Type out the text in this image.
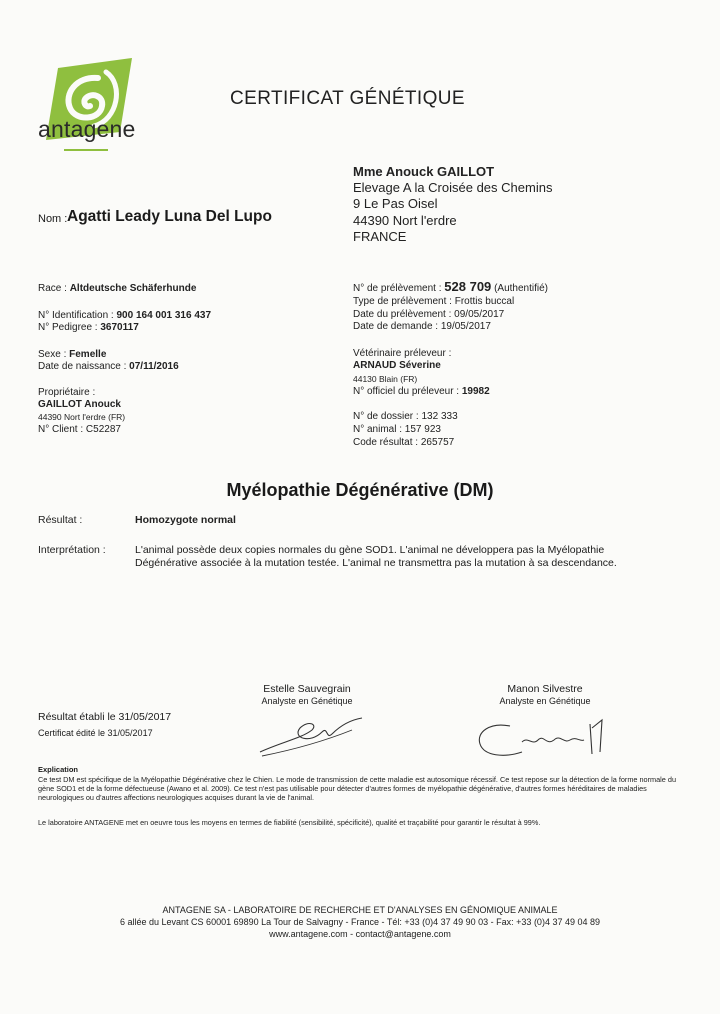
antagene
CERTIFICAT GÉNÉTIQUE
Mme Anouck GAILLOT
Elevage A la Croisée des Chemins
9 Le Pas Oisel
44390 Nort l'erdre
FRANCE
Nom : Agatti Leady Luna Del Lupo
Race : Altdeutsche Schäferhunde
N° Identification : 900 164 001 316 437
N° Pedigree : 3670117
Sexe : Femelle
Date de naissance : 07/11/2016
Propriétaire :
GAILLOT Anouck
44390 Nort l'erdre (FR)
N° Client : C52287
N° de prélèvement : 528 709 (Authentifié)
Type de prélèvement : Frottis buccal
Date du prélèvement : 09/05/2017
Date de demande : 19/05/2017
Vétérinaire préleveur :
ARNAUD Séverine
44130 Blain (FR)
N° officiel du préleveur : 19982
N° de dossier : 132 333
N° animal : 157 923
Code résultat : 265757
Myélopathie Dégénérative (DM)
Résultat :	Homozygote normal
Interprétation :	L'animal possède deux copies normales du gène SOD1. L'animal ne développera pas la Myélopathie Dégénérative associée à la mutation testée. L'animal ne transmettra pas la mutation à sa descendance.
Estelle Sauvegrain
Analyste en Génétique
Manon Silvestre
Analyste en Génétique
Résultat établi le 31/05/2017
Certificat édité le 31/05/2017
Explication
Ce test DM est spécifique de la Myélopathie Dégénérative chez le Chien. Le mode de transmission de cette maladie est autosomique récessif. Ce test repose sur la détection de la forme normale du gène SOD1 et de la forme défectueuse (Awano et al. 2009). Ce test n'est pas utilisable pour détecter d'autres formes de myélopathie dégénérative, d'autres formes héréditaires de maladies neurologiques ou d'autres affections neurologiques acquises durant la vie de l'animal.
Le laboratoire ANTAGENE met en oeuvre tous les moyens en termes de fiabilité (sensibilité, spécificité), qualité et traçabilité pour garantir le résultat à 99%.
ANTAGENE SA - LABORATOIRE DE RECHERCHE ET D'ANALYSES EN GÉNOMIQUE ANIMALE
6 allée du Levant CS 60001 69890 La Tour de Salvagny - France - Tél: +33 (0)4 37 49 90 03 - Fax: +33 (0)4 37 49 04 89
www.antagene.com - contact@antagene.com
